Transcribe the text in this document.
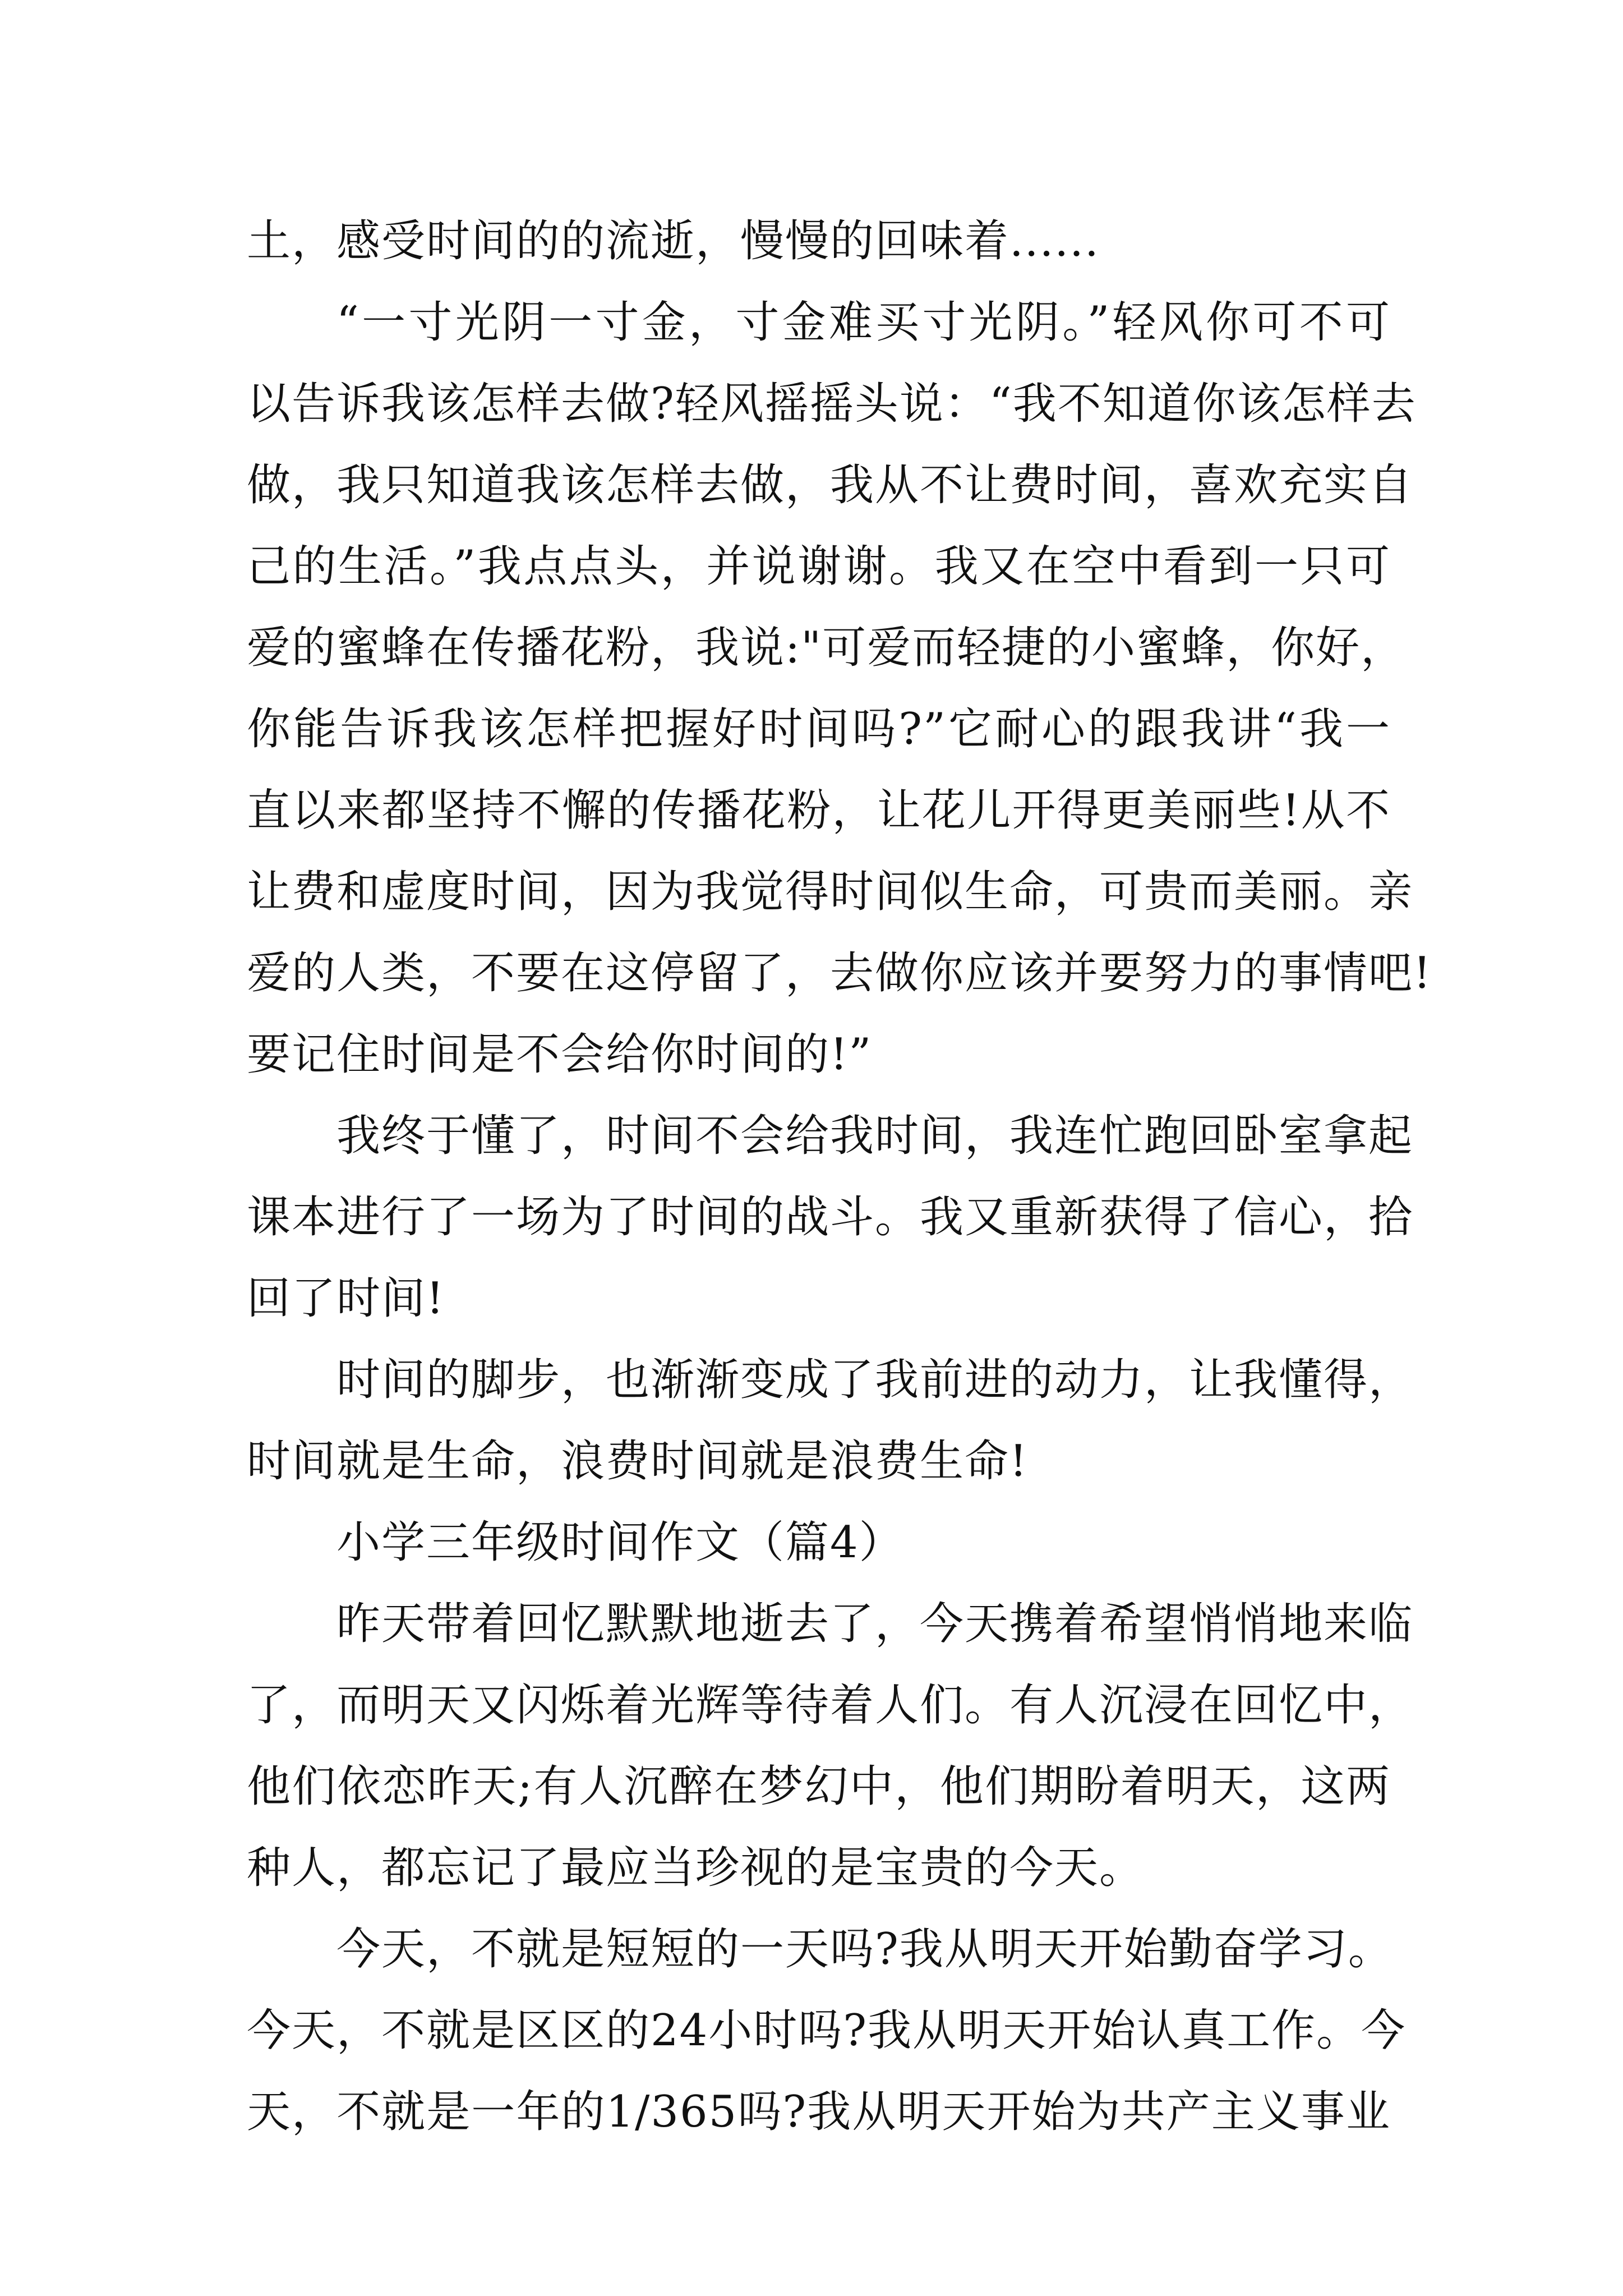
土，感受时间的的流逝，慢慢的回味着......
“一寸光阴一寸金，寸金难买寸光阴。”轻风你可不可
以告诉我该怎样去做?轻风摇摇头说：“我不知道你该怎样去
做，我只知道我该怎样去做，我从不让费时间，喜欢充实自
己的生活。”我点点头，并说谢谢。我又在空中看到一只可
爱的蜜蜂在传播花粉，我说:"可爱而轻捷的小蜜蜂，你好，
你能告诉我该怎样把握好时间吗?”它耐心的跟我讲“我一
直以来都坚持不懈的传播花粉，让花儿开得更美丽些!从不
让费和虚度时间，因为我觉得时间似生命，可贵而美丽。亲
爱的人类，不要在这停留了，去做你应该并要努力的事情吧!
要记住时间是不会给你时间的!”
我终于懂了，时间不会给我时间，我连忙跑回卧室拿起
课本进行了一场为了时间的战斗。我又重新获得了信心，拾
回了时间!
时间的脚步，也渐渐变成了我前进的动力，让我懂得，
时间就是生命，浪费时间就是浪费生命!
小学三年级时间作文（篇4）
昨天带着回忆默默地逝去了，今天携着希望悄悄地来临
了，而明天又闪烁着光辉等待着人们。有人沉浸在回忆中，
他们依恋昨天;有人沉醉在梦幻中，他们期盼着明天，这两
种人，都忘记了最应当珍视的是宝贵的今天。
今天，不就是短短的一天吗?我从明天开始勤奋学习。
今天，不就是区区的24小时吗?我从明天开始认真工作。今
天，不就是一年的1/365吗?我从明天开始为共产主义事业
